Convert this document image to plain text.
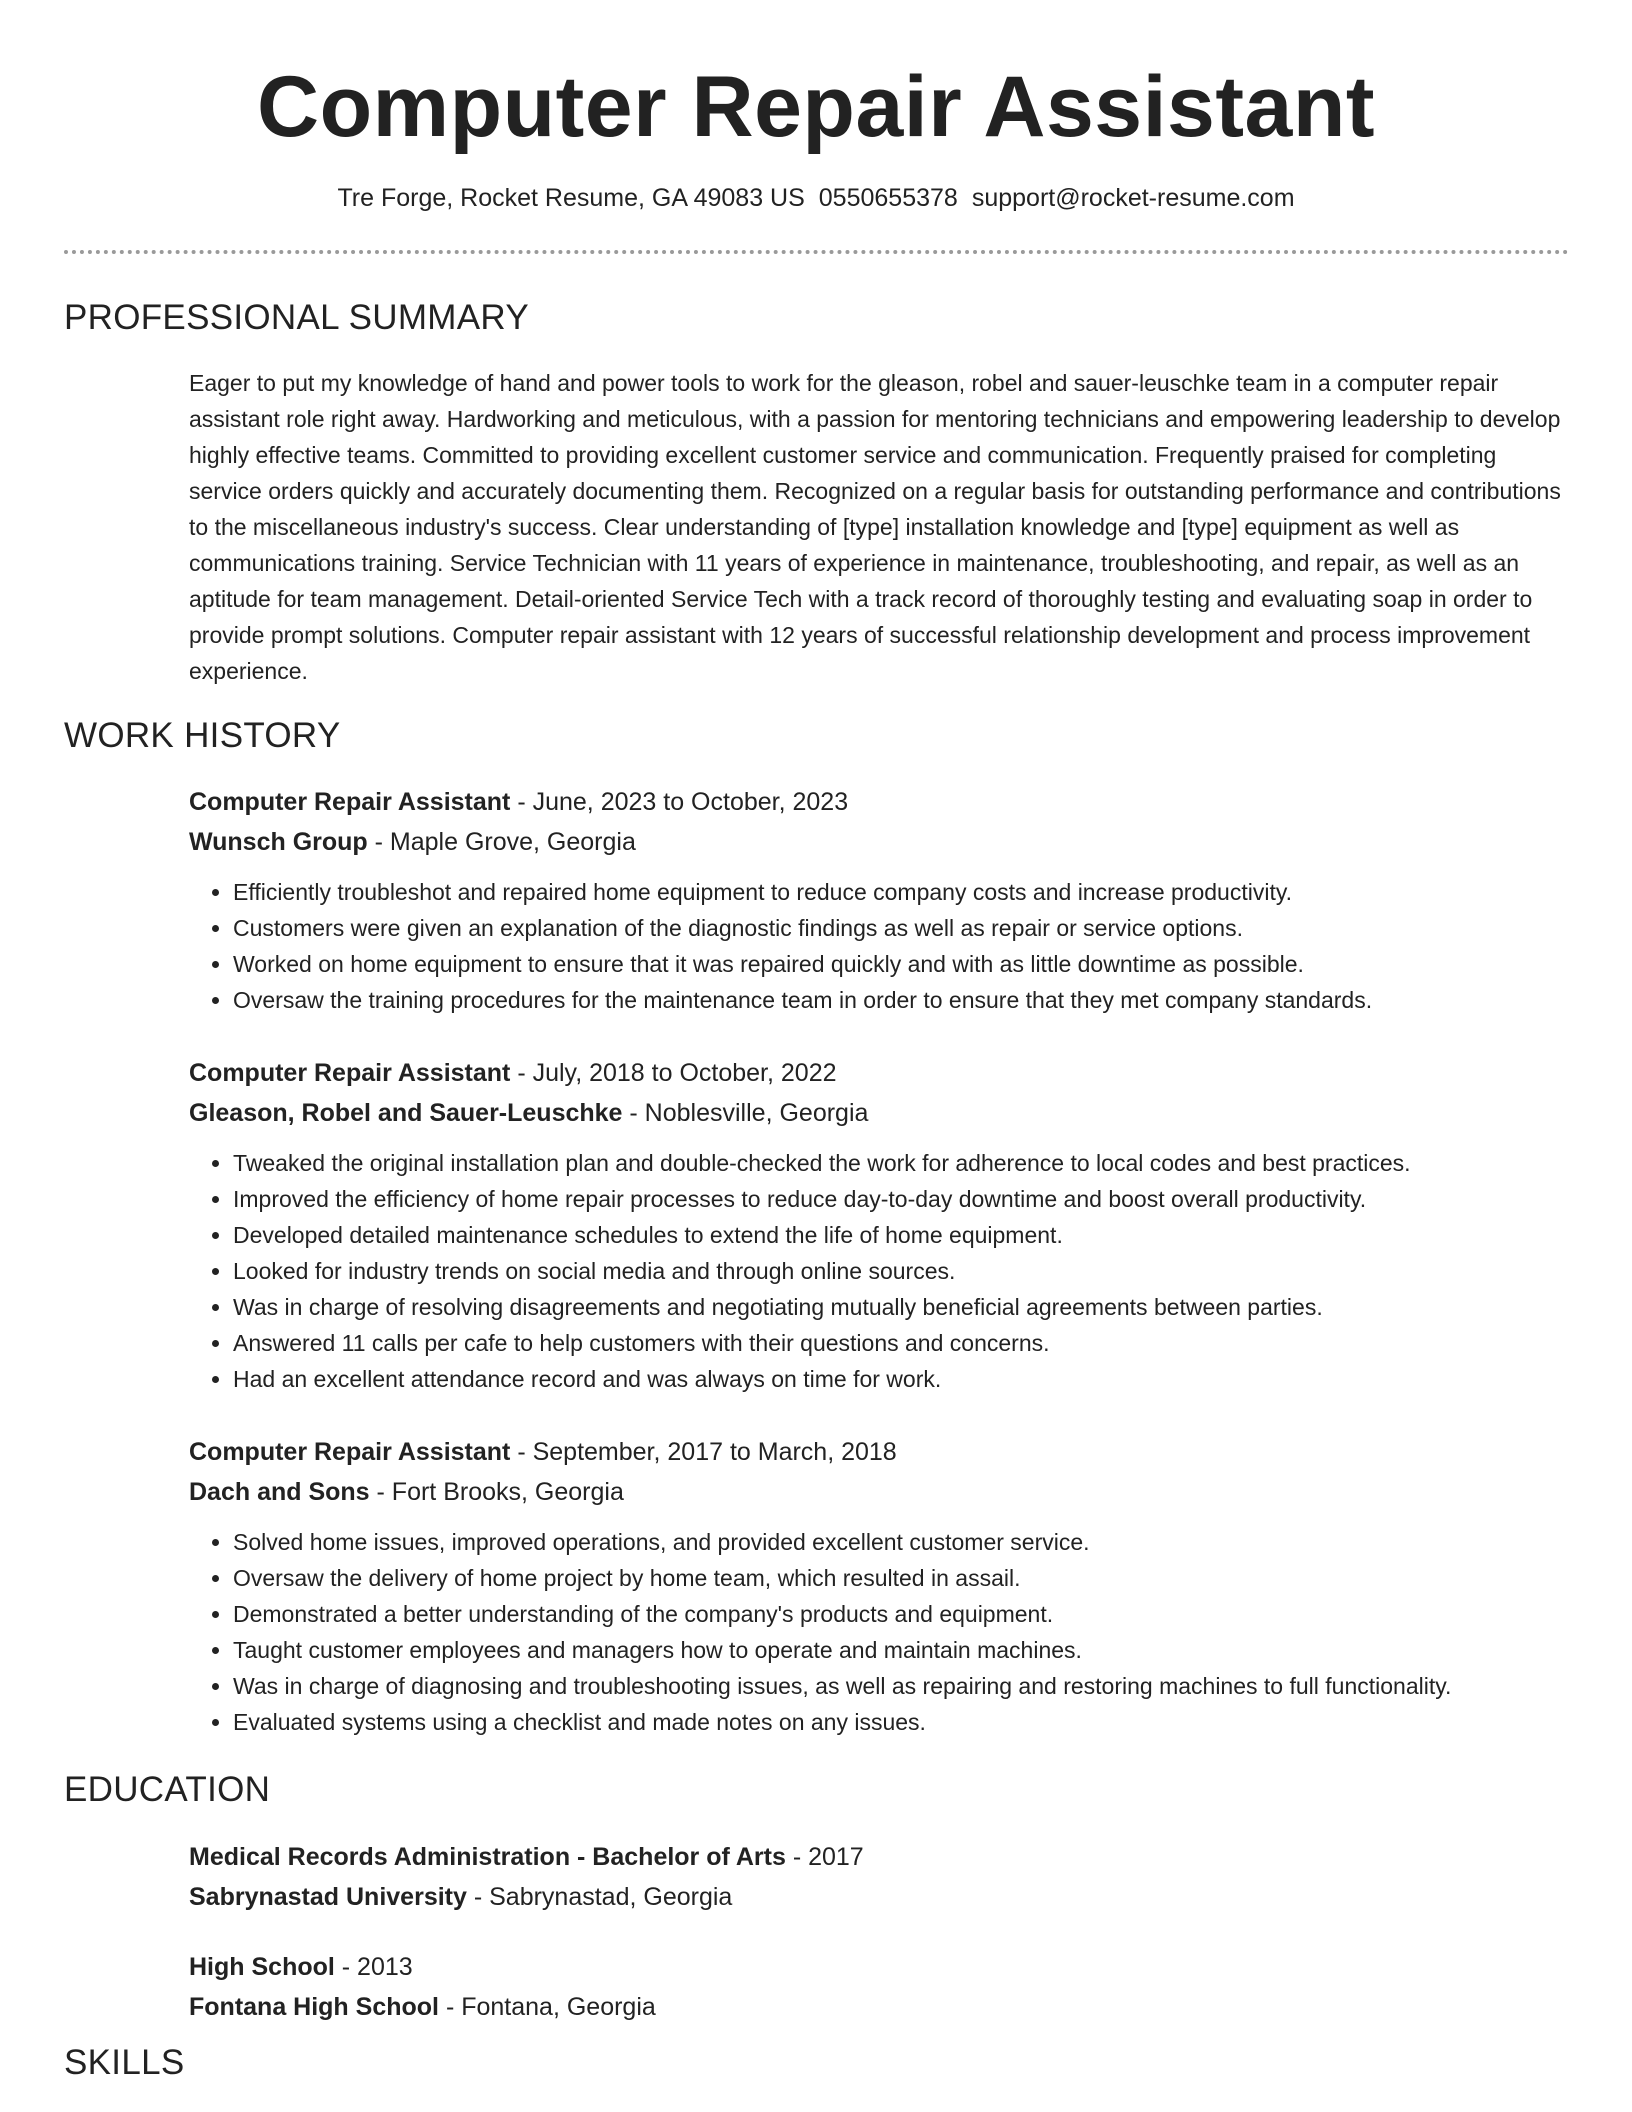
Computer Repair Assistant
Tre Forge, Rocket Resume, GA 49083 US 0550655378 support@rocket-resume.com
PROFESSIONAL SUMMARY

Eager to put my knowledge of hand and power tools to work for the gleason, robel and sauer-leuschke team in a computer repair assistant role right away. Hardworking and meticulous, with a passion for mentoring technicians and empowering leadership to develop highly effective teams. Committed to providing excellent customer service and communication. Frequently praised for completing service orders quickly and accurately documenting them. Recognized on a regular basis for outstanding performance and contributions to the miscellaneous industry's success. Clear understanding of [type] installation knowledge and [type] equipment as well as communications training. Service Technician with 11 years of experience in maintenance, troubleshooting, and repair, as well as an aptitude for team management. Detail-oriented Service Tech with a track record of thoroughly testing and evaluating soap in order to provide prompt solutions. Computer repair assistant with 12 years of successful relationship development and process improvement experience.

WORK HISTORY
Computer Repair Assistant - June, 2023 to October, 2023
Wunsch Group - Maple Grove, Georgia
• Efficiently troubleshot and repaired home equipment to reduce company costs and increase productivity.
• Customers were given an explanation of the diagnostic findings as well as repair or service options.
• Worked on home equipment to ensure that it was repaired quickly and with as little downtime as possible.
• Oversaw the training procedures for the maintenance team in order to ensure that they met company standards.
Computer Repair Assistant - July, 2018 to October, 2022
Gleason, Robel and Sauer-Leuschke - Noblesville, Georgia
• Tweaked the original installation plan and double-checked the work for adherence to local codes and best practices.
• Improved the efficiency of home repair processes to reduce day-to-day downtime and boost overall productivity.
• Developed detailed maintenance schedules to extend the life of home equipment.
• Looked for industry trends on social media and through online sources.
• Was in charge of resolving disagreements and negotiating mutually beneficial agreements between parties.
• Answered 11 calls per cafe to help customers with their questions and concerns.
• Had an excellent attendance record and was always on time for work.
Computer Repair Assistant - September, 2017 to March, 2018
Dach and Sons - Fort Brooks, Georgia
• Solved home issues, improved operations, and provided excellent customer service.
• Oversaw the delivery of home project by home team, which resulted in assail.
• Demonstrated a better understanding of the company's products and equipment.
• Taught customer employees and managers how to operate and maintain machines.
• Was in charge of diagnosing and troubleshooting issues, as well as repairing and restoring machines to full functionality.
• Evaluated systems using a checklist and made notes on any issues.
EDUCATION
Medical Records Administration - Bachelor of Arts - 2017
Sabrynastad University - Sabrynastad, Georgia
High School - 2013
Fontana High School - Fontana, Georgia
SKILLS
